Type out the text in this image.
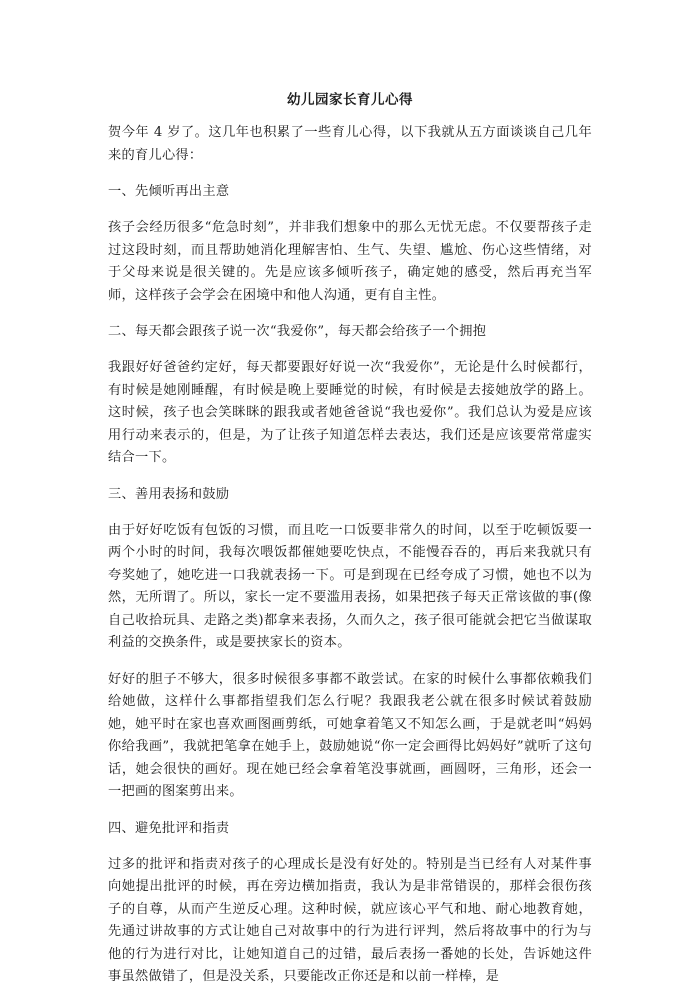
幼儿园家长育儿心得

贺今年 4 岁了。这几年也积累了一些育儿心得，以下我就从五方面谈谈自己几年来的育儿心得：

一、先倾听再出主意

孩子会经历很多“危急时刻”，并非我们想象中的那么无忧无虑。不仅要帮孩子走过这段时刻，而且帮助她消化理解害怕、生气、失望、尴尬、伤心这些情绪，对于父母来说是很关键的。先是应该多倾听孩子，确定她的感受，然后再充当军师，这样孩子会学会在困境中和他人沟通，更有自主性。

二、每天都会跟孩子说一次“我爱你”，每天都会给孩子一个拥抱

我跟好好爸爸约定好，每天都要跟好好说一次“我爱你”，无论是什么时候都行，有时候是她刚睡醒，有时候是晚上要睡觉的时候，有时候是去接她放学的路上。这时候，孩子也会笑眯眯的跟我或者她爸爸说“我也爱你”。我们总认为爱是应该用行动来表示的，但是，为了让孩子知道怎样去表达，我们还是应该要常常虚实结合一下。

三、善用表扬和鼓励

由于好好吃饭有包饭的习惯，而且吃一口饭要非常久的时间，以至于吃顿饭要一两个小时的时间，我每次喂饭都催她要吃快点，不能慢吞吞的，再后来我就只有夸奖她了，她吃进一口我就表扬一下。可是到现在已经夸成了习惯，她也不以为然，无所谓了。所以，家长一定不要滥用表扬，如果把孩子每天正常该做的事(像自己收拾玩具、走路之类)都拿来表扬，久而久之，孩子很可能就会把它当做谋取利益的交换条件，或是要挟家长的资本。

好好的胆子不够大，很多时候很多事都不敢尝试。在家的时候什么事都依赖我们给她做，这样什么事都指望我们怎么行呢？我跟我老公就在很多时候试着鼓励她，她平时在家也喜欢画图画剪纸，可她拿着笔又不知怎么画，于是就老叫“妈妈你给我画”，我就把笔拿在她手上，鼓励她说“你一定会画得比妈妈好”就听了这句话，她会很快的画好。现在她已经会拿着笔没事就画，画圆呀，三角形，还会一一把画的图案剪出来。

四、避免批评和指责

过多的批评和指责对孩子的心理成长是没有好处的。特别是当已经有人对某件事向她提出批评的时候，再在旁边横加指责，我认为是非常错误的，那样会很伤孩子的自尊，从而产生逆反心理。这种时候，就应该心平气和地、耐心地教育她，先通过讲故事的方式让她自己对故事中的行为进行评判，然后将故事中的行为与他的行为进行对比，让她知道自己的过错，最后表扬一番她的长处，告诉她这件事虽然做错了，但是没关系，只要能改正你还是和以前一样棒，是
